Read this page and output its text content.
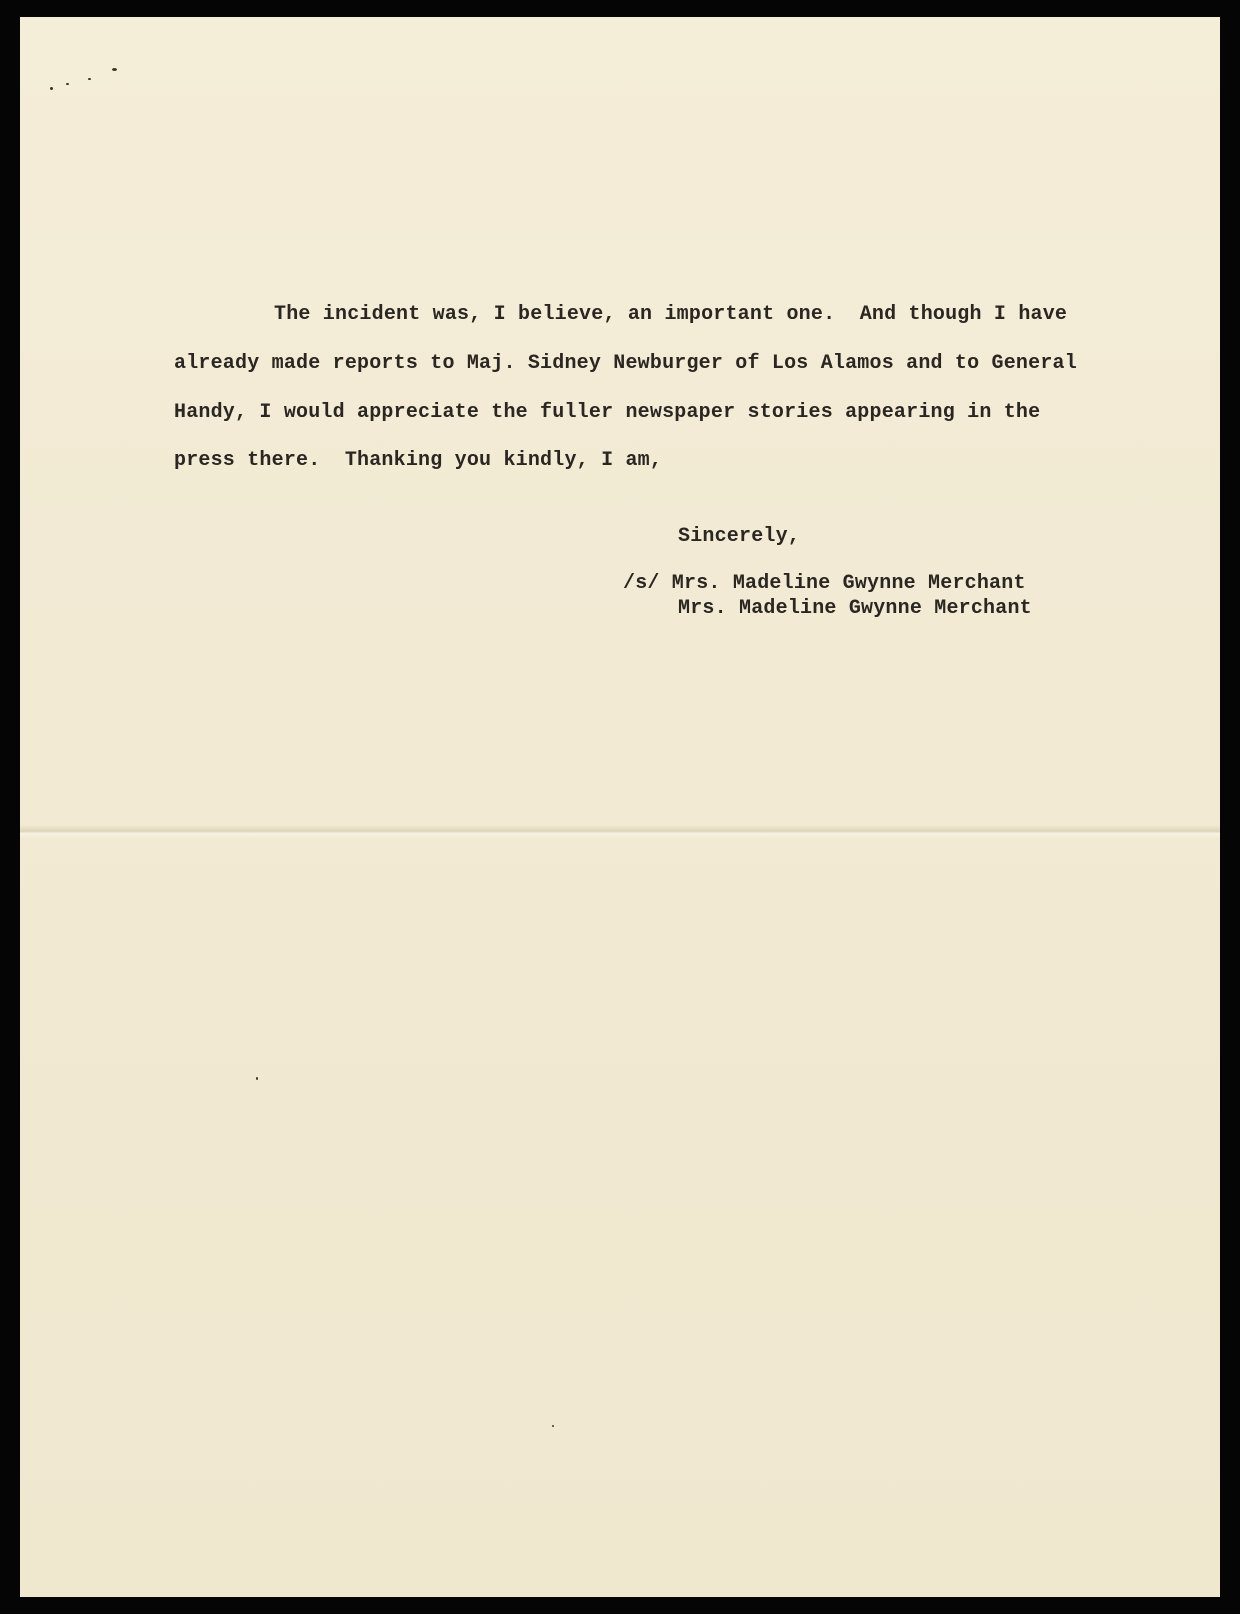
The incident was, I believe, an important one.  And though I have
already made reports to Maj. Sidney Newburger of Los Alamos and to General
Handy, I would appreciate the fuller newspaper stories appearing in the
press there.  Thanking you kindly, I am,
Sincerely,
/s/ Mrs. Madeline Gwynne Merchant
Mrs. Madeline Gwynne Merchant
